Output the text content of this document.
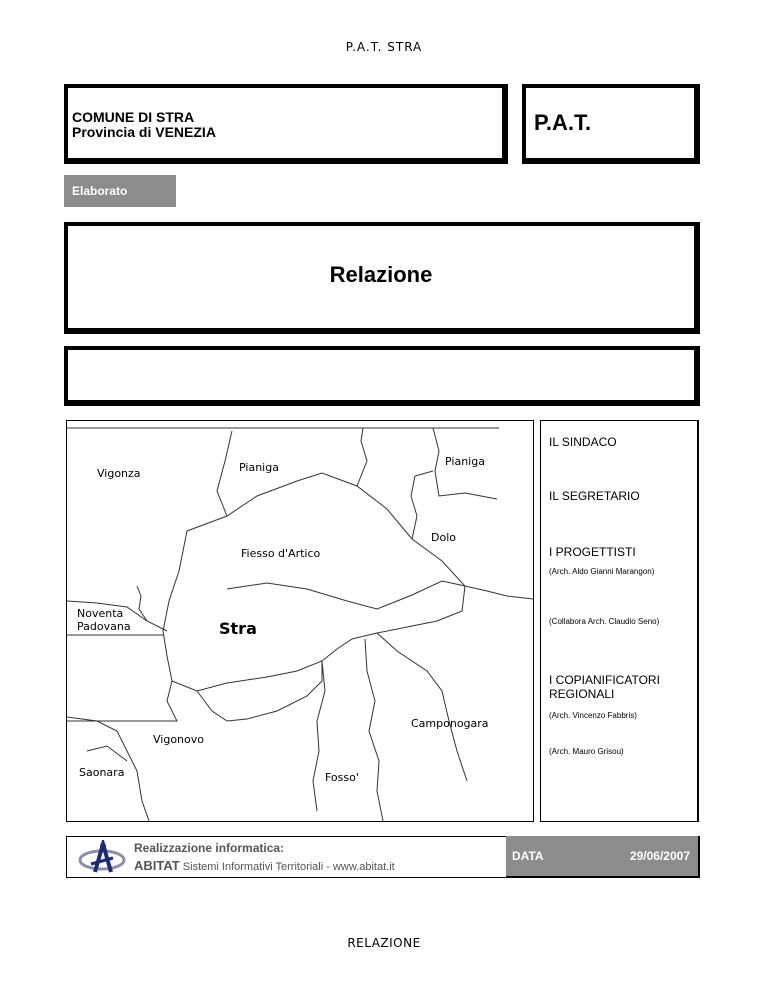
P.A.T. STRA
COMUNE DI STRA
Provincia di VENEZIA	P.A.T.
Elaborato
Relazione
Vigonza	Pianiga	Pianiga
Dolo
Fiesso d'Artico
Noventa
Padovana	Stra
Camponogara
Vigonovo
Saonara	Fosso'
IL SINDACO
IL SEGRETARIO
I PROGETTISTI
(Arch. Aldo Gianni Marangon)
(Collabora Arch. Claudio Seno)
I COPIANIFICATORI
REGIONALI
(Arch. Vincenzo Fabbris)
(Arch. Mauro Grisou)
Realizzazione informatica:
ABITAT Sistemi Informativi Territoriali - www.abitat.it
DATA	29/06/2007
RELAZIONE
